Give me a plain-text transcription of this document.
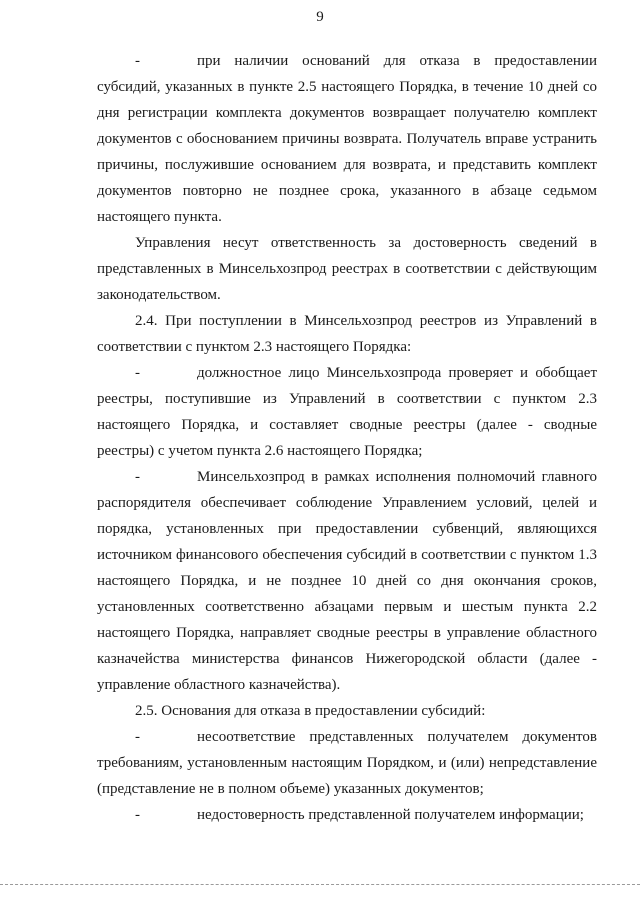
9

-	при наличии оснований для отказа в предоставлении субсидий, указанных в пункте 2.5 настоящего Порядка, в течение 10 дней со дня регистрации комплекта документов возвращает получателю комплект документов с обоснованием причины возврата. Получатель вправе устранить причины, послужившие основанием для возврата, и представить комплект документов повторно не позднее срока, указанного в абзаце седьмом настоящего пункта.

Управления несут ответственность за достоверность сведений в представленных в Минсельхозпрод реестрах в соответствии с действующим законодательством.

2.4. При поступлении в Минсельхозпрод реестров из Управлений в соответствии с пунктом 2.3 настоящего Порядка:

-	должностное лицо Минсельхозпрода проверяет и обобщает реестры, поступившие из Управлений в соответствии с пунктом 2.3 настоящего Порядка, и составляет сводные реестры (далее - сводные реестры) с учетом пункта 2.6 настоящего Порядка;

-	Минсельхозпрод в рамках исполнения полномочий главного распорядителя обеспечивает соблюдение Управлением условий, целей и порядка, установленных при предоставлении субвенций, являющихся источником финансового обеспечения субсидий в соответствии с пунктом 1.3 настоящего Порядка, и не позднее 10 дней со дня окончания сроков, установленных соответственно абзацами первым и шестым пункта 2.2 настоящего Порядка, направляет сводные реестры в управление областного казначейства министерства финансов Нижегородской области (далее - управление областного казначейства).

2.5. Основания для отказа в предоставлении субсидий:

-	несоответствие представленных получателем документов требованиям, установленным настоящим Порядком, и (или) непредставление (представление не в полном объеме) указанных документов;

-	недостоверность представленной получателем информации;
